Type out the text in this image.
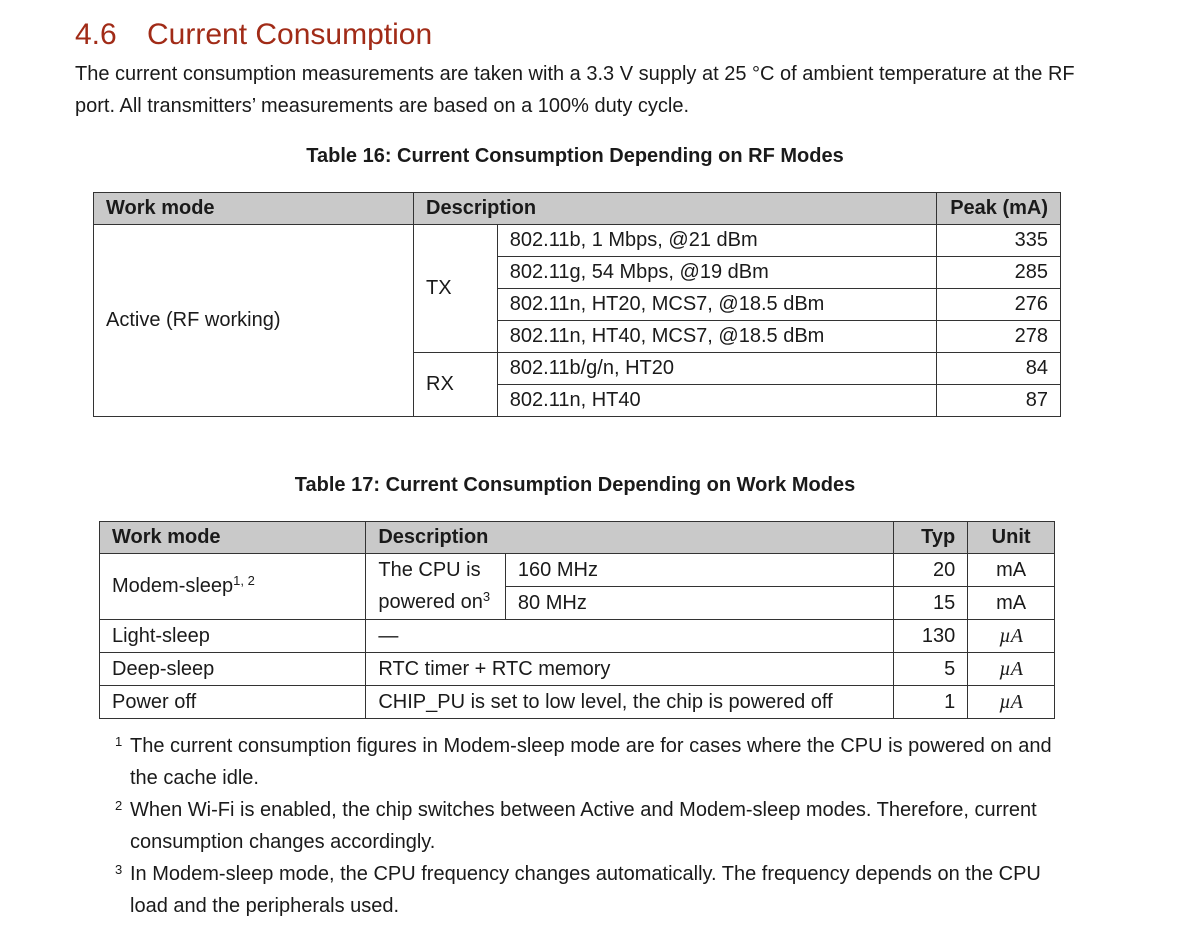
4.6 Current Consumption

The current consumption measurements are taken with a 3.3 V supply at 25 °C of ambient temperature at the RF port. All transmitters’ measurements are based on a 100% duty cycle.

Table 16: Current Consumption Depending on RF Modes

Work mode	Description		Peak (mA)
Active (RF working)	TX	802.11b, 1 Mbps, @21 dBm	335
		802.11g, 54 Mbps, @19 dBm	285
		802.11n, HT20, MCS7, @18.5 dBm	276
		802.11n, HT40, MCS7, @18.5 dBm	278
	RX	802.11b/g/n, HT20	84
		802.11n, HT40	87

Table 17: Current Consumption Depending on Work Modes

Work mode	Description		Typ	Unit
Modem-sleep$^{1, 2}$	The CPU is	160 MHz	20	mA
	powered $on^3$	80 MHz	15	mA
Light-sleep	—		130	µA
Deep-sleep	RTC timer + RTC memory		5	µA
Power off	CHIP_PU is set to low level, the chip is powered off		1	µA
1 The current consumption figures in Modem-sleep mode are for cases where the CPU is powered on and the cache idle.
2 When Wi-Fi is enabled, the chip switches between Active and Modem-sleep modes. Therefore, current consumption changes accordingly.
3 In Modem-sleep mode, the CPU frequency changes automatically. The frequency depends on the CPU load and the peripherals used.
